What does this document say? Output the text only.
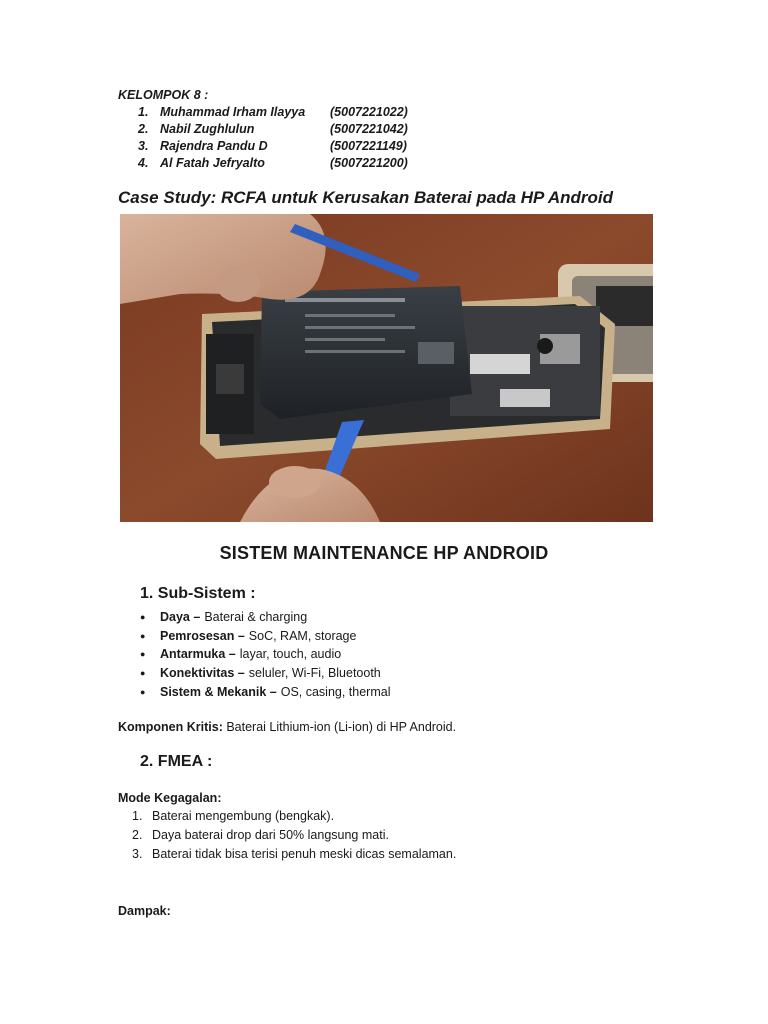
KELOMPOK 8 :
1. Muhammad Irham Ilayya	(5007221022)
2. Nabil Zughlulun	(5007221042)
3. Rajendra Pandu D	(5007221149)
4. Al Fatah Jefryalto	(5007221200)
Case Study: RCFA untuk Kerusakan Baterai pada HP Android
SISTEM MAINTENANCE HP ANDROID
1. Sub-Sistem :
●	Daya – Baterai & charging
●	Pemrosesan – SoC, RAM, storage
●	Antarmuka – layar, touch, audio
●	Konektivitas – seluler, Wi-Fi, Bluetooth
●	Sistem & Mekanik – OS, casing, thermal
Komponen Kritis: Baterai Lithium-ion (Li-ion) di HP Android.
2. FMEA :
Mode Kegagalan:
1. Baterai mengembung (bengkak).
2. Daya baterai drop dari 50% langsung mati.
3. Baterai tidak bisa terisi penuh meski dicas semalaman.
Dampak:
